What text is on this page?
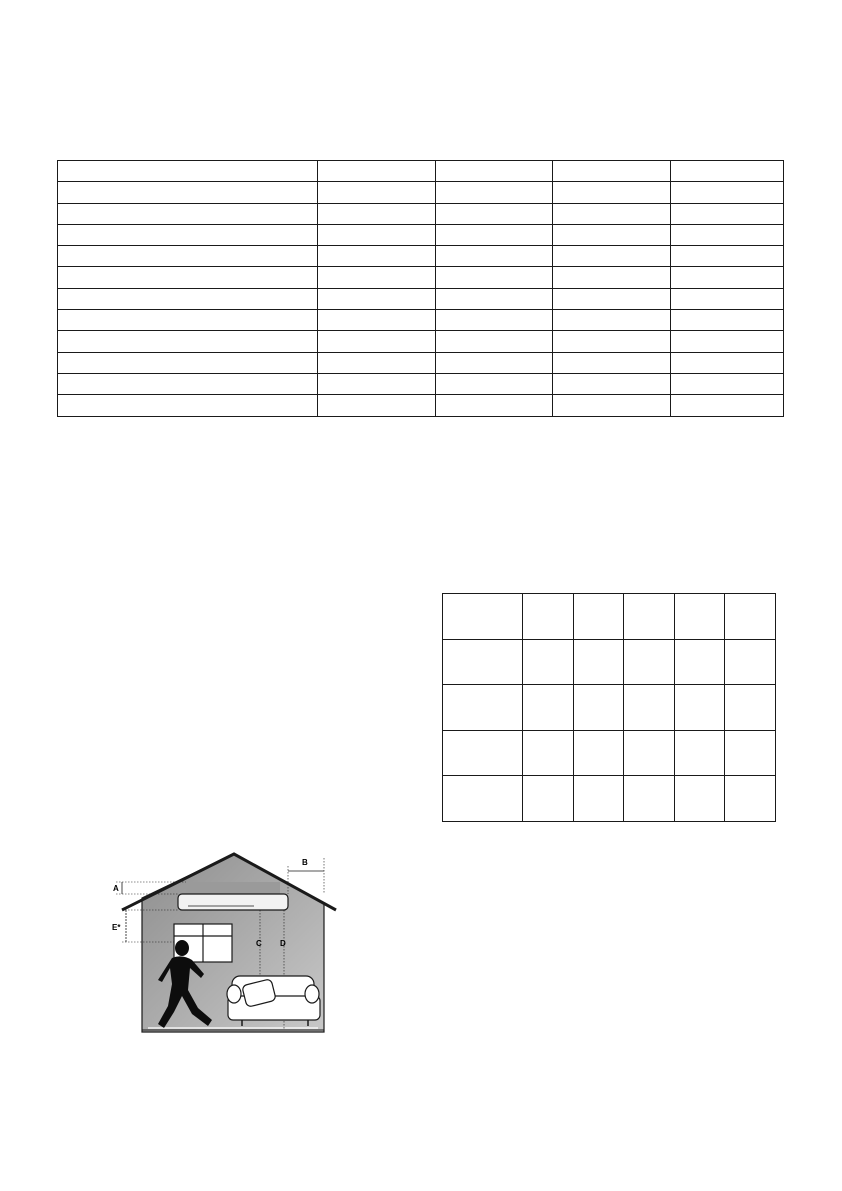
A
B
E*
C D
